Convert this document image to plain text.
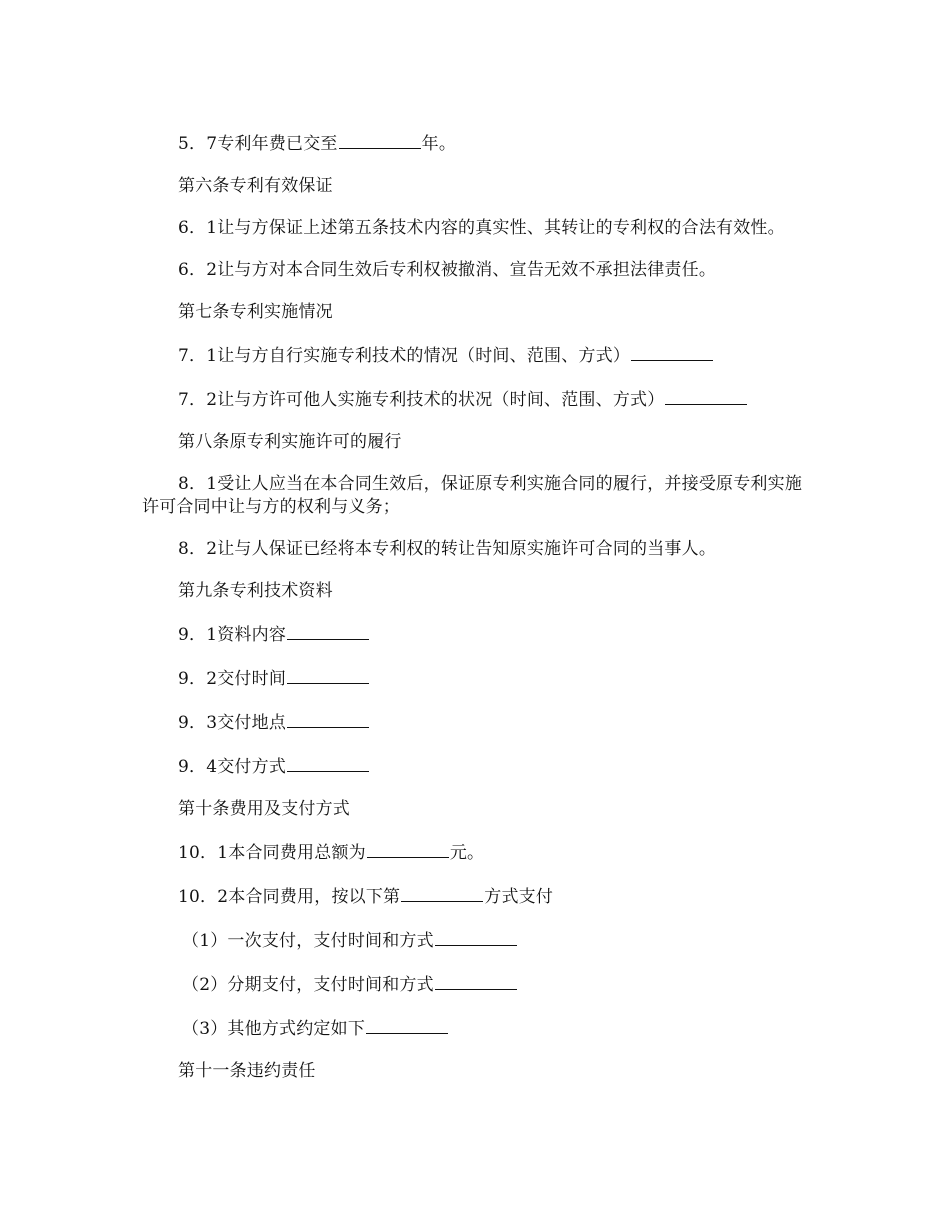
5．7专利年费已交至	年。

第六条专利有效保证

6．1让与方保证上述第五条技术内容的真实性、其转让的专利权的合法有效性。

6．2让与方对本合同生效后专利权被撤消、宣告无效不承担法律责任。

第七条专利实施情况

7．1让与方自行实施专利技术的情况（时间、范围、方式）

7．2让与方许可他人实施专利技术的状况（时间、范围、方式）

第八条原专利实施许可的履行

8．1受让人应当在本合同生效后，保证原专利实施合同的履行，并接受原专利实施许可合同中让与方的权利与义务；

8．2让与人保证已经将本专利权的转让告知原实施许可合同的当事人。

第九条专利技术资料

9．1资料内容

9．2交付时间

9．3交付地点

9．4交付方式

第十条费用及支付方式

10．1本合同费用总额为	元。

10．2本合同费用，按以下第	方式支付

（1）一次支付，支付时间和方式

（2）分期支付，支付时间和方式

（3）其他方式约定如下

第十一条违约责任
